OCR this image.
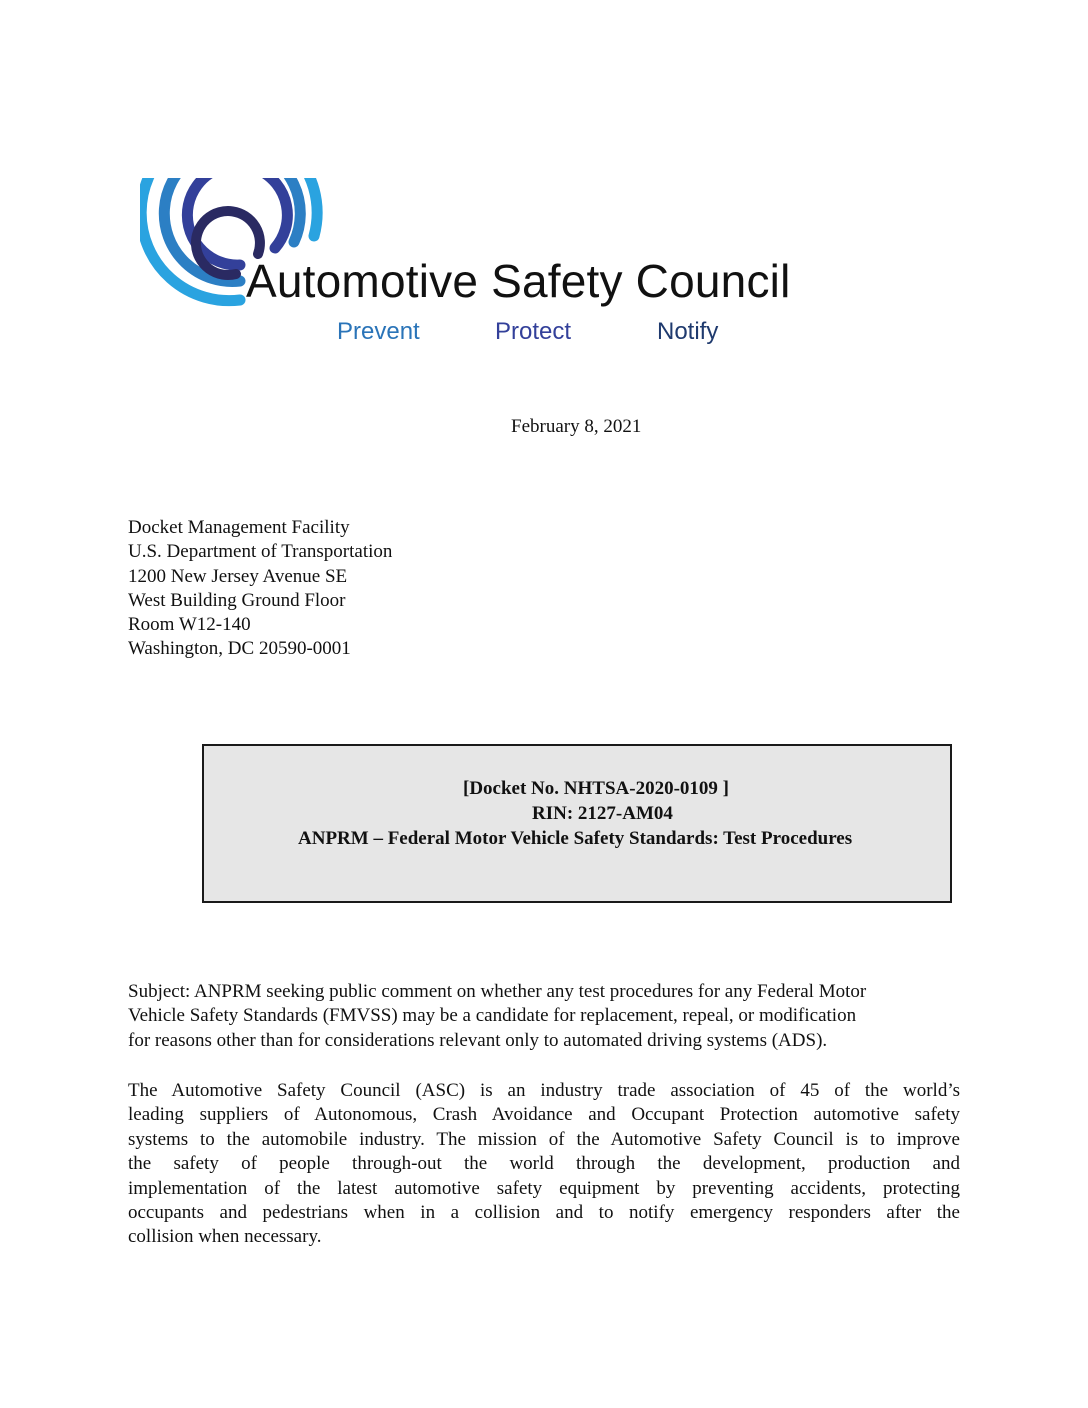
Automotive Safety Council
Prevent	Protect	Notify
February 8, 2021
Docket Management Facility
U.S. Department of Transportation
1200 New Jersey Avenue SE
West Building Ground Floor
Room W12-140
Washington, DC 20590-0001
[Docket No. NHTSA-2020-0109 ]
RIN: 2127-AM04
ANPRM – Federal Motor Vehicle Safety Standards: Test Procedures
Subject: ANPRM seeking public comment on whether any test procedures for any Federal Motor
Vehicle Safety Standards (FMVSS) may be a candidate for replacement, repeal, or modification
for reasons other than for considerations relevant only to automated driving systems (ADS).
The Automotive Safety Council (ASC) is an industry trade association of 45 of the world’s
leading suppliers of Autonomous, Crash Avoidance and Occupant Protection automotive safety
systems to the automobile industry. The mission of the Automotive Safety Council is to improve
the safety of people through-out the world through the development, production and
implementation of the latest automotive safety equipment by preventing accidents, protecting
occupants and pedestrians when in a collision and to notify emergency responders after the
collision when necessary.
